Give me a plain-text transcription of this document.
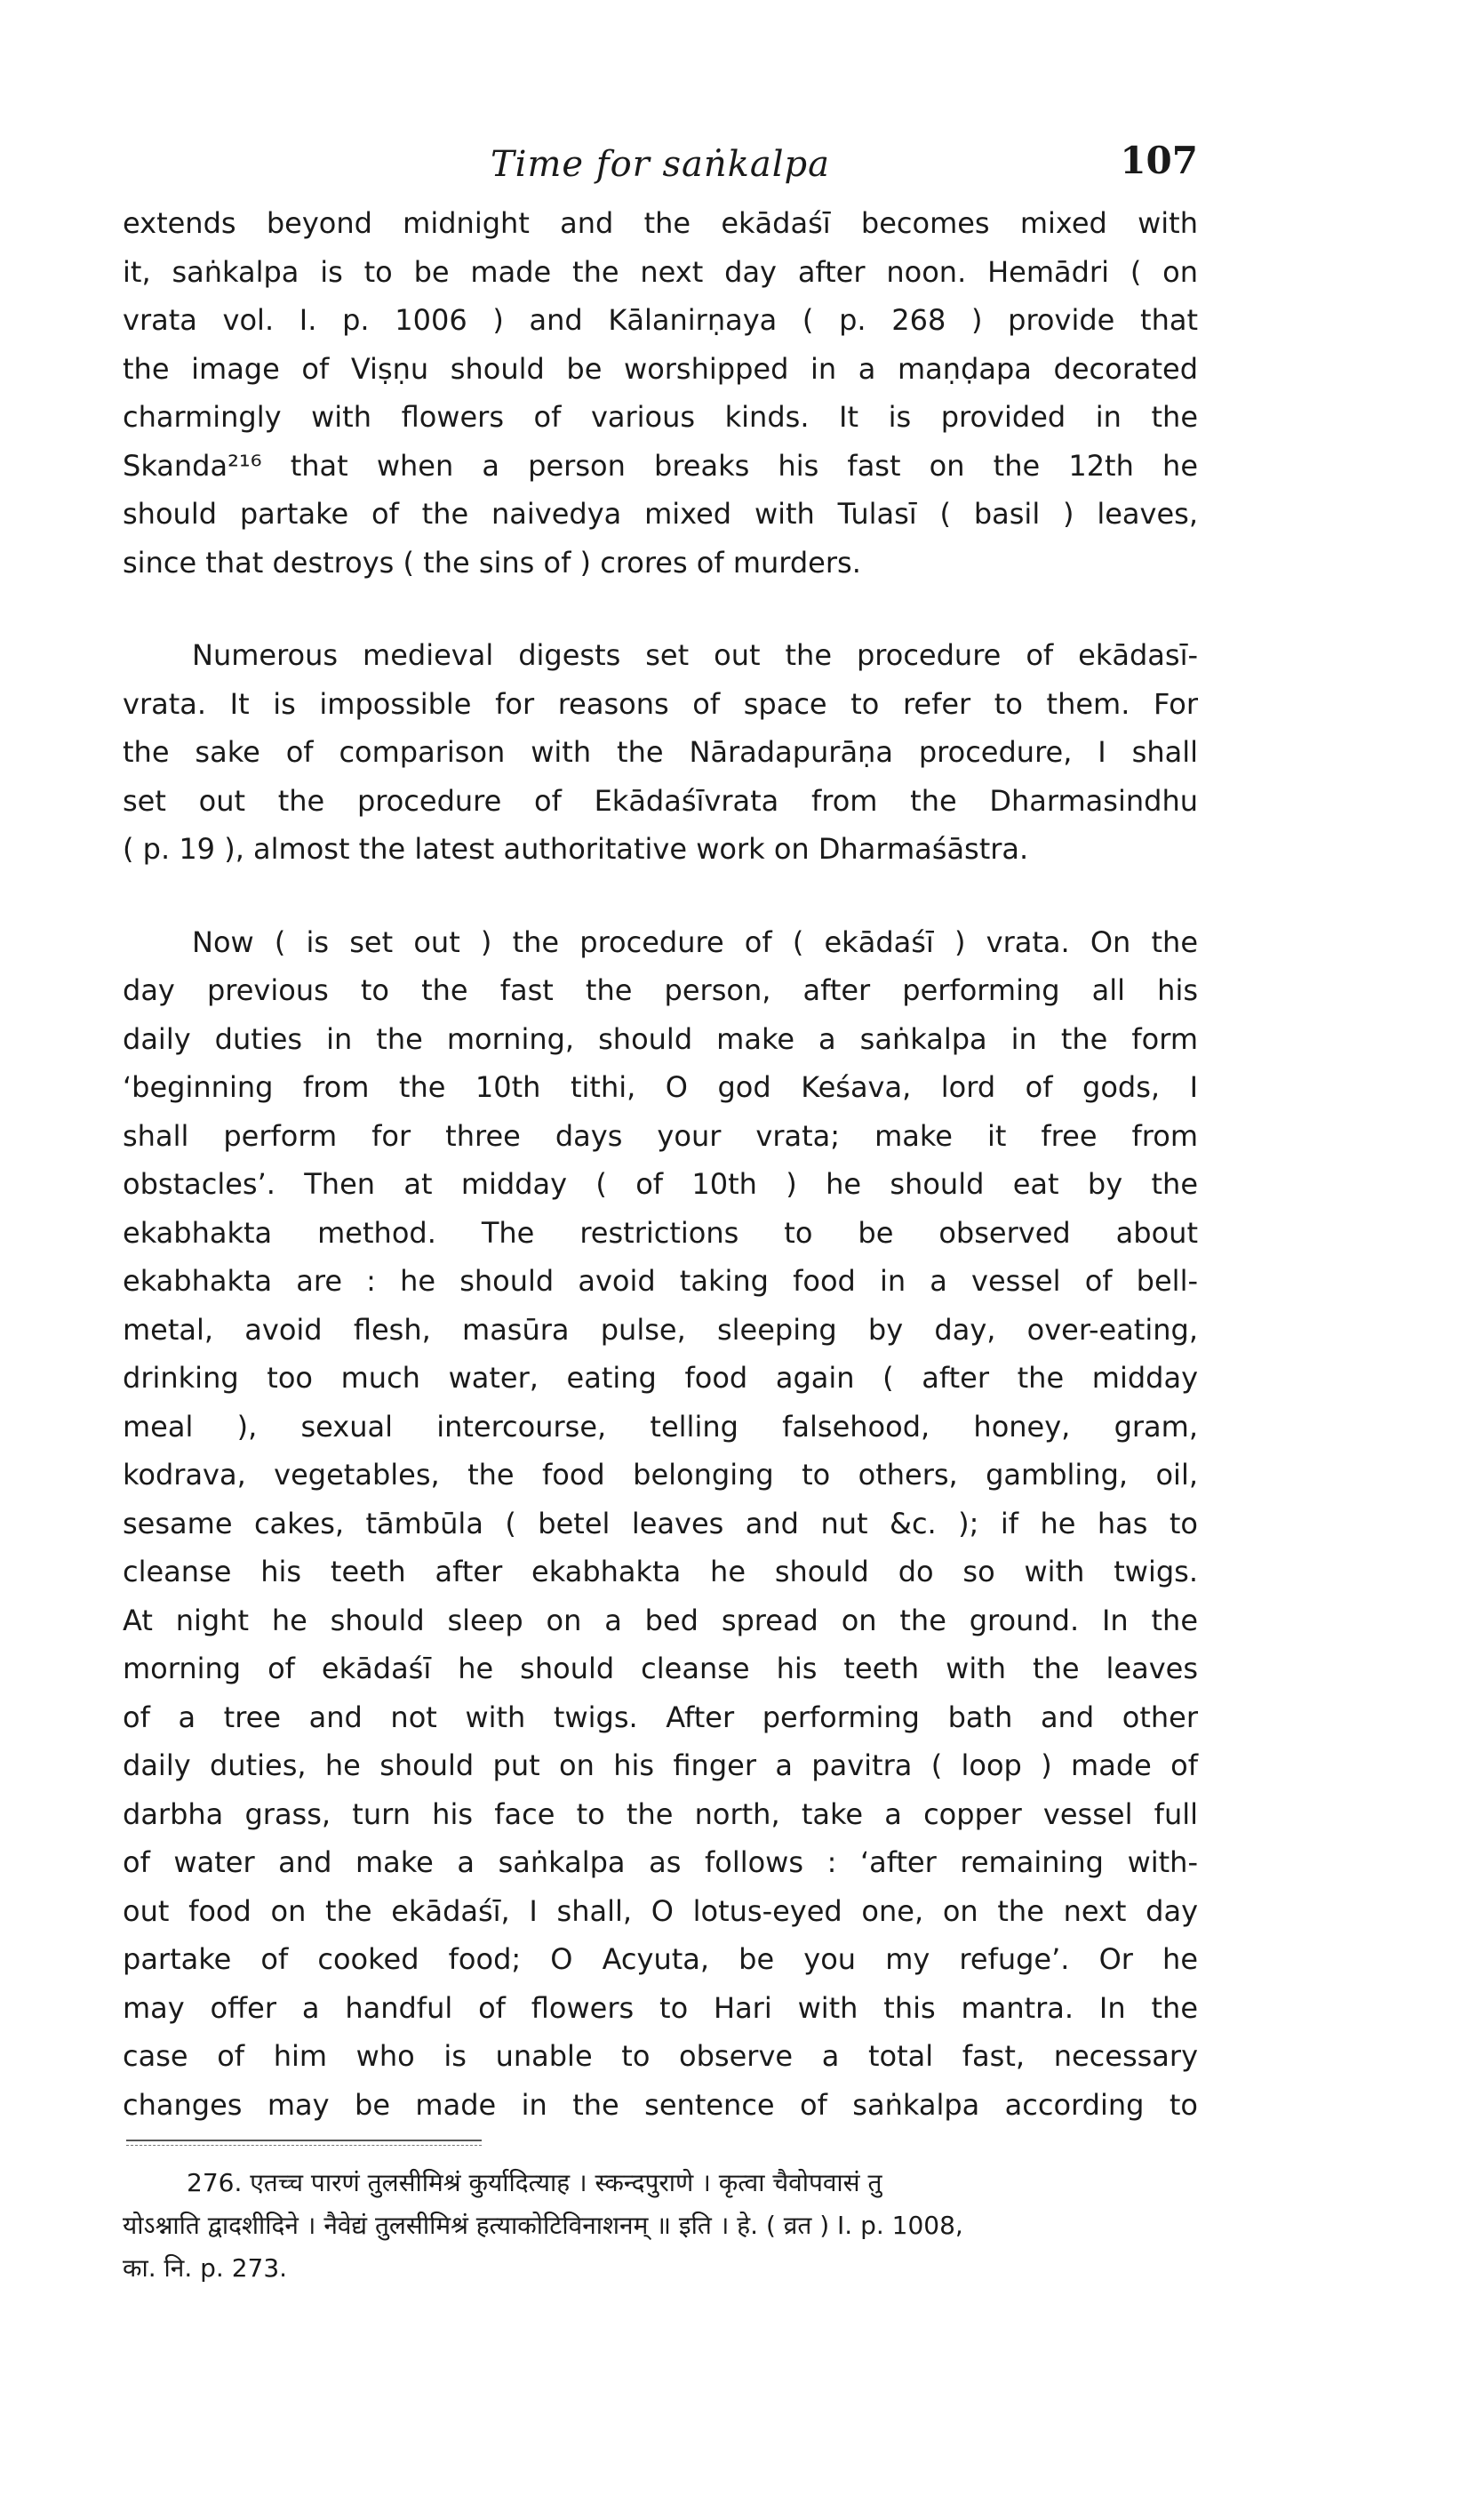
Time for saṅkalpa	107

extends beyond midnight and the ekādaśī becomes mixed with
it, saṅkalpa is to be made the next day after noon. Hemādri ( on
vrata vol. I. p. 1006 ) and Kālanirṇaya ( p. 268 ) provide that
the image of Viṣṇu should be worshipped in a maṇḍapa decorated
charmingly with flowers of various kinds. It is provided in the
Skanda²¹⁶ that when a person breaks his fast on the 12th he
should partake of the naivedya mixed with Tulasī ( basil ) leaves,
since that destroys ( the sins of ) crores of murders.

Numerous medieval digests set out the procedure of ekādasī-
vrata. It is impossible for reasons of space to refer to them. For
the sake of comparison with the Nāradapurāṇa procedure, I shall
set out the procedure of Ekādaśīvrata from the Dharmasindhu
( p. 19 ), almost the latest authoritative work on Dharmaśāstra.

Now ( is set out ) the procedure of ( ekādaśī ) vrata. On the
day previous to the fast the person, after performing all his
daily duties in the morning, should make a saṅkalpa in the form
‘beginning from the 10th tithi, O god Keśava, lord of gods, I
shall perform for three days your vrata; make it free from
obstacles’. Then at midday ( of 10th ) he should eat by the
ekabhakta method. The restrictions to be observed about
ekabhakta are : he should avoid taking food in a vessel of bell-
metal, avoid flesh, masūra pulse, sleeping by day, over-eating,
drinking too much water, eating food again ( after the midday
meal ), sexual intercourse, telling falsehood, honey, gram,
kodrava, vegetables, the food belonging to others, gambling, oil,
sesame cakes, tāmbūla ( betel leaves and nut &c. ); if he has to
cleanse his teeth after ekabhakta he should do so with twigs.
At night he should sleep on a bed spread on the ground. In the
morning of ekādaśī he should cleanse his teeth with the leaves
of a tree and not with twigs. After performing bath and other
daily duties, he should put on his finger a pavitra ( loop ) made of
darbha grass, turn his face to the north, take a copper vessel full
of water and make a saṅkalpa as follows : ‘after remaining with-
out food on the ekādaśī, I shall, O lotus-eyed one, on the next day
partake of cooked food; O Acyuta, be you my refuge’. Or he
may offer a handful of flowers to Hari with this mantra. In the
case of him who is unable to observe a total fast, necessary
changes may be made in the sentence of saṅkalpa according to

276. एतच्च पारणं तुलसीमिश्रं कुर्यादित्याह । स्कन्दपुराणे । कृत्वा चैवोपवासं तु
योऽश्नाति द्वादशीदिने । नैवेद्यं तुलसीमिश्रं हत्याकोटिविनाशनम् ॥ इति । हे. ( व्रत ) I. p. 1008,
का. नि. p. 273.
